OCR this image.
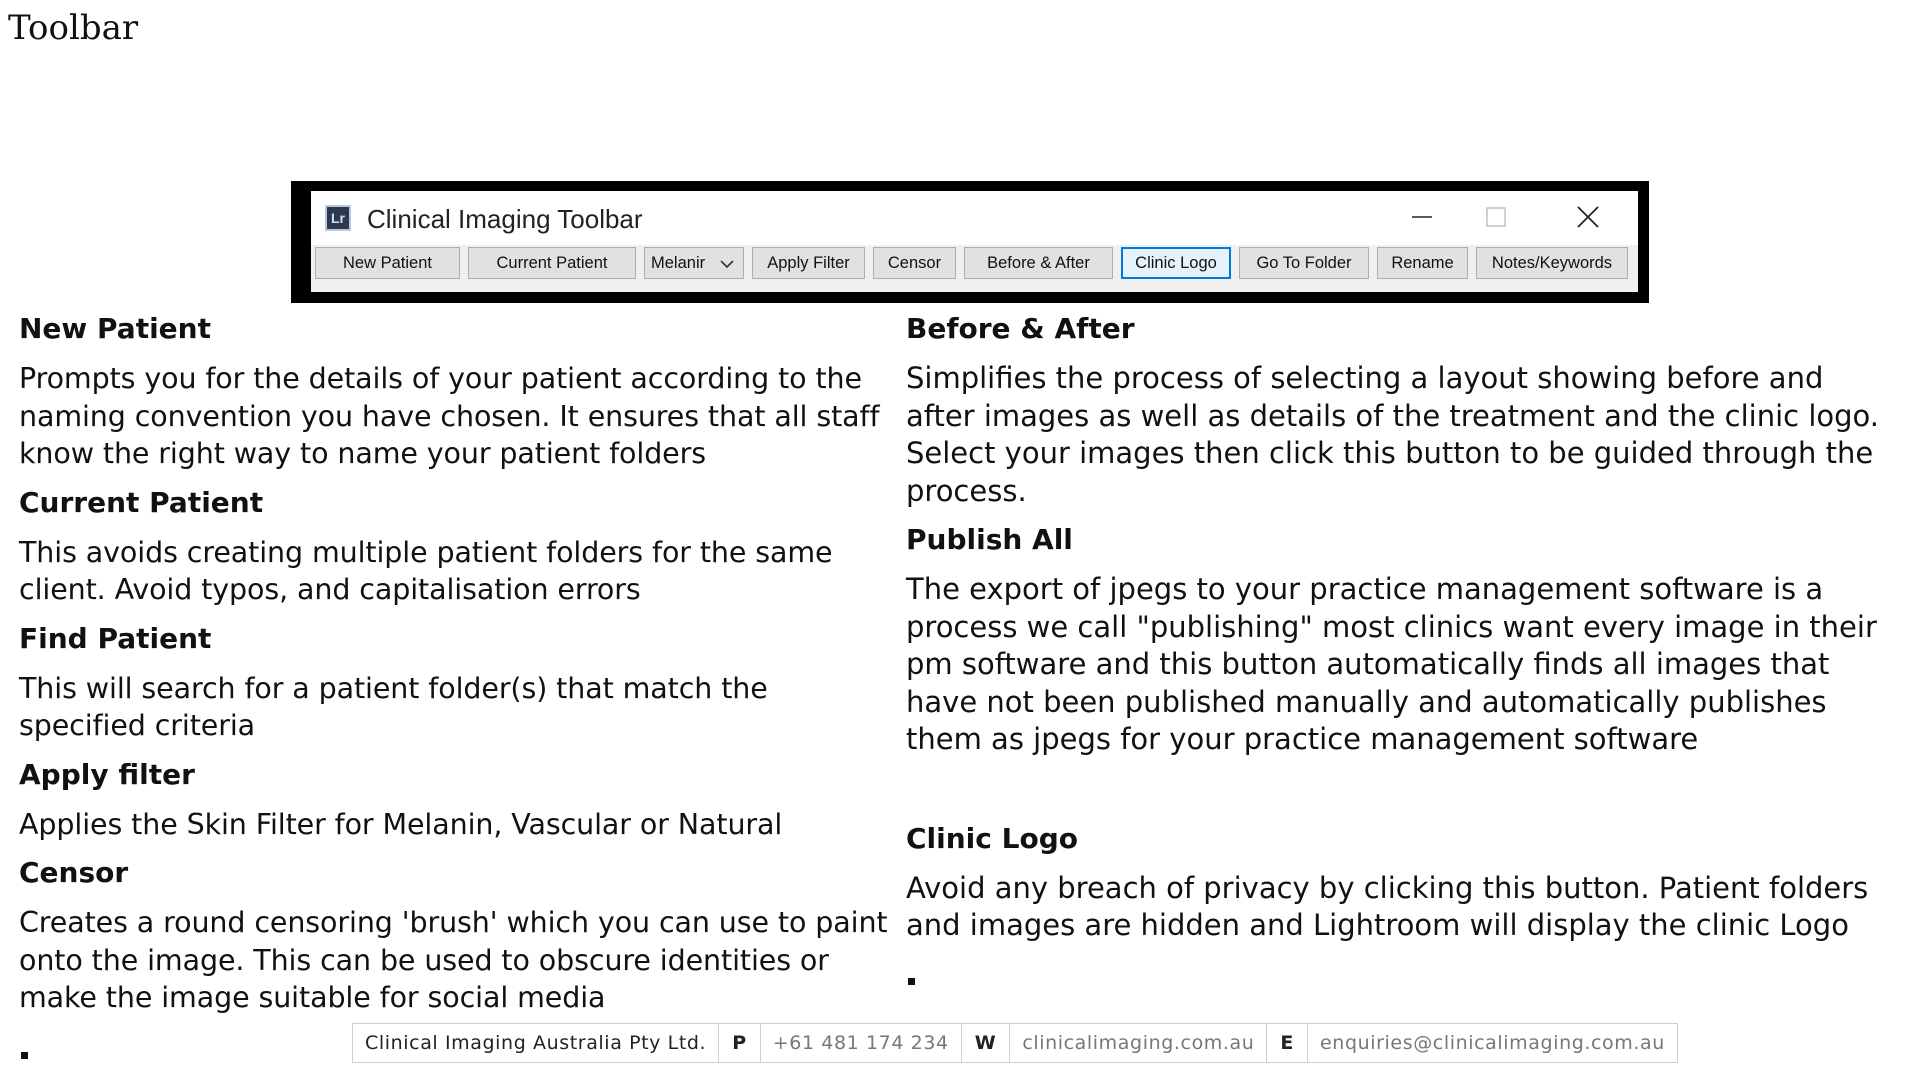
Toolbar
Lr Clinical Imaging Toolbar
New Patient	Current Patient	Melanir	Apply Filter	Censor	Before & After	Clinic Logo	Go To Folder	Rename	Notes/Keywords
New Patient

Prompts you for the details of your patient according to the naming convention you have chosen. It ensures that all staff know the right way to name your patient folders

Current Patient

This avoids creating multiple patient folders for the same client. Avoid typos, and capitalisation errors

Find Patient

This will search for a patient folder(s) that match the specified criteria

Apply filter

Applies the Skin Filter for Melanin, Vascular or Natural

Censor

Creates a round censoring 'brush' which you can use to paint onto the image. This can be used to obscure identities or make the image suitable for social media

Before & After

Simplifies the process of selecting a layout showing before and after images as well as details of the treatment and the clinic logo. Select your images then click this button to be guided through the process.

Publish All

The export of jpegs to your practice management software is a process we call "publishing" most clinics want every image in their pm software and this button automatically finds all images that have not been published manually and automatically publishes them as jpegs for your practice management software

Clinic Logo

Avoid any breach of privacy by clicking this button. Patient folders and images are hidden and Lightroom will display the clinic Logo

Clinical Imaging Australia Pty Ltd.	P	+61 481 174 234	W	clinicalimaging.com.au	E	enquiries@clinicalimaging.com.au
